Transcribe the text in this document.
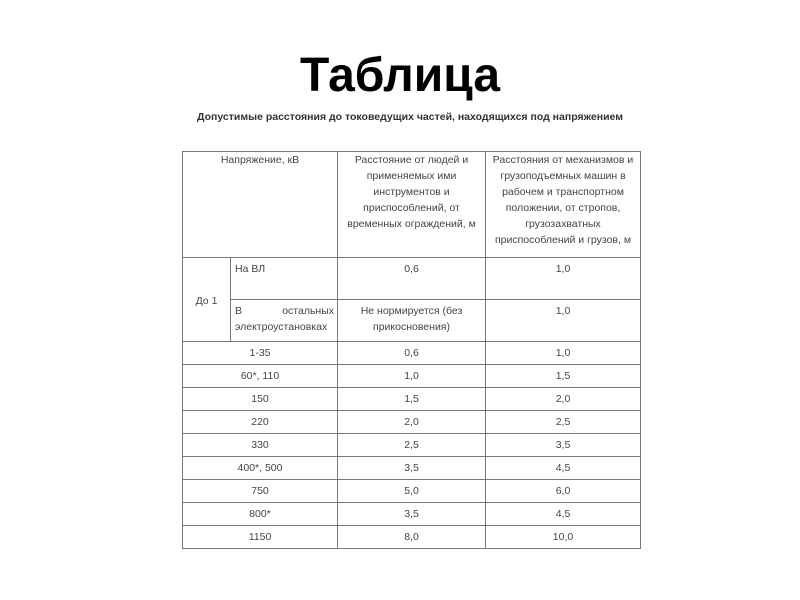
Таблица

Допустимые расстояния до токоведущих частей, находящихся под напряжением

Напряжение, кВ		Расстояние от людей и применяемых ими инструментов и приспособлений, от временных ограждений, м	Расстояния от механизмов и грузоподъемных машин в рабочем и транспортном положении, от стропов, грузозахватных приспособлений и грузов, м
До 1	На ВЛ	0,6	1,0
	В остальных электроустановках	Не нормируется (без прикосновения)	1,0
1-35		0,6	1,0
60*, 110		1,0	1,5
150		1,5	2,0
220		2,0	2,5
330		2,5	3,5
400*, 500		3,5	4,5
750		5,0	6,0
800*		3,5	4,5
1150		8,0	10,0
